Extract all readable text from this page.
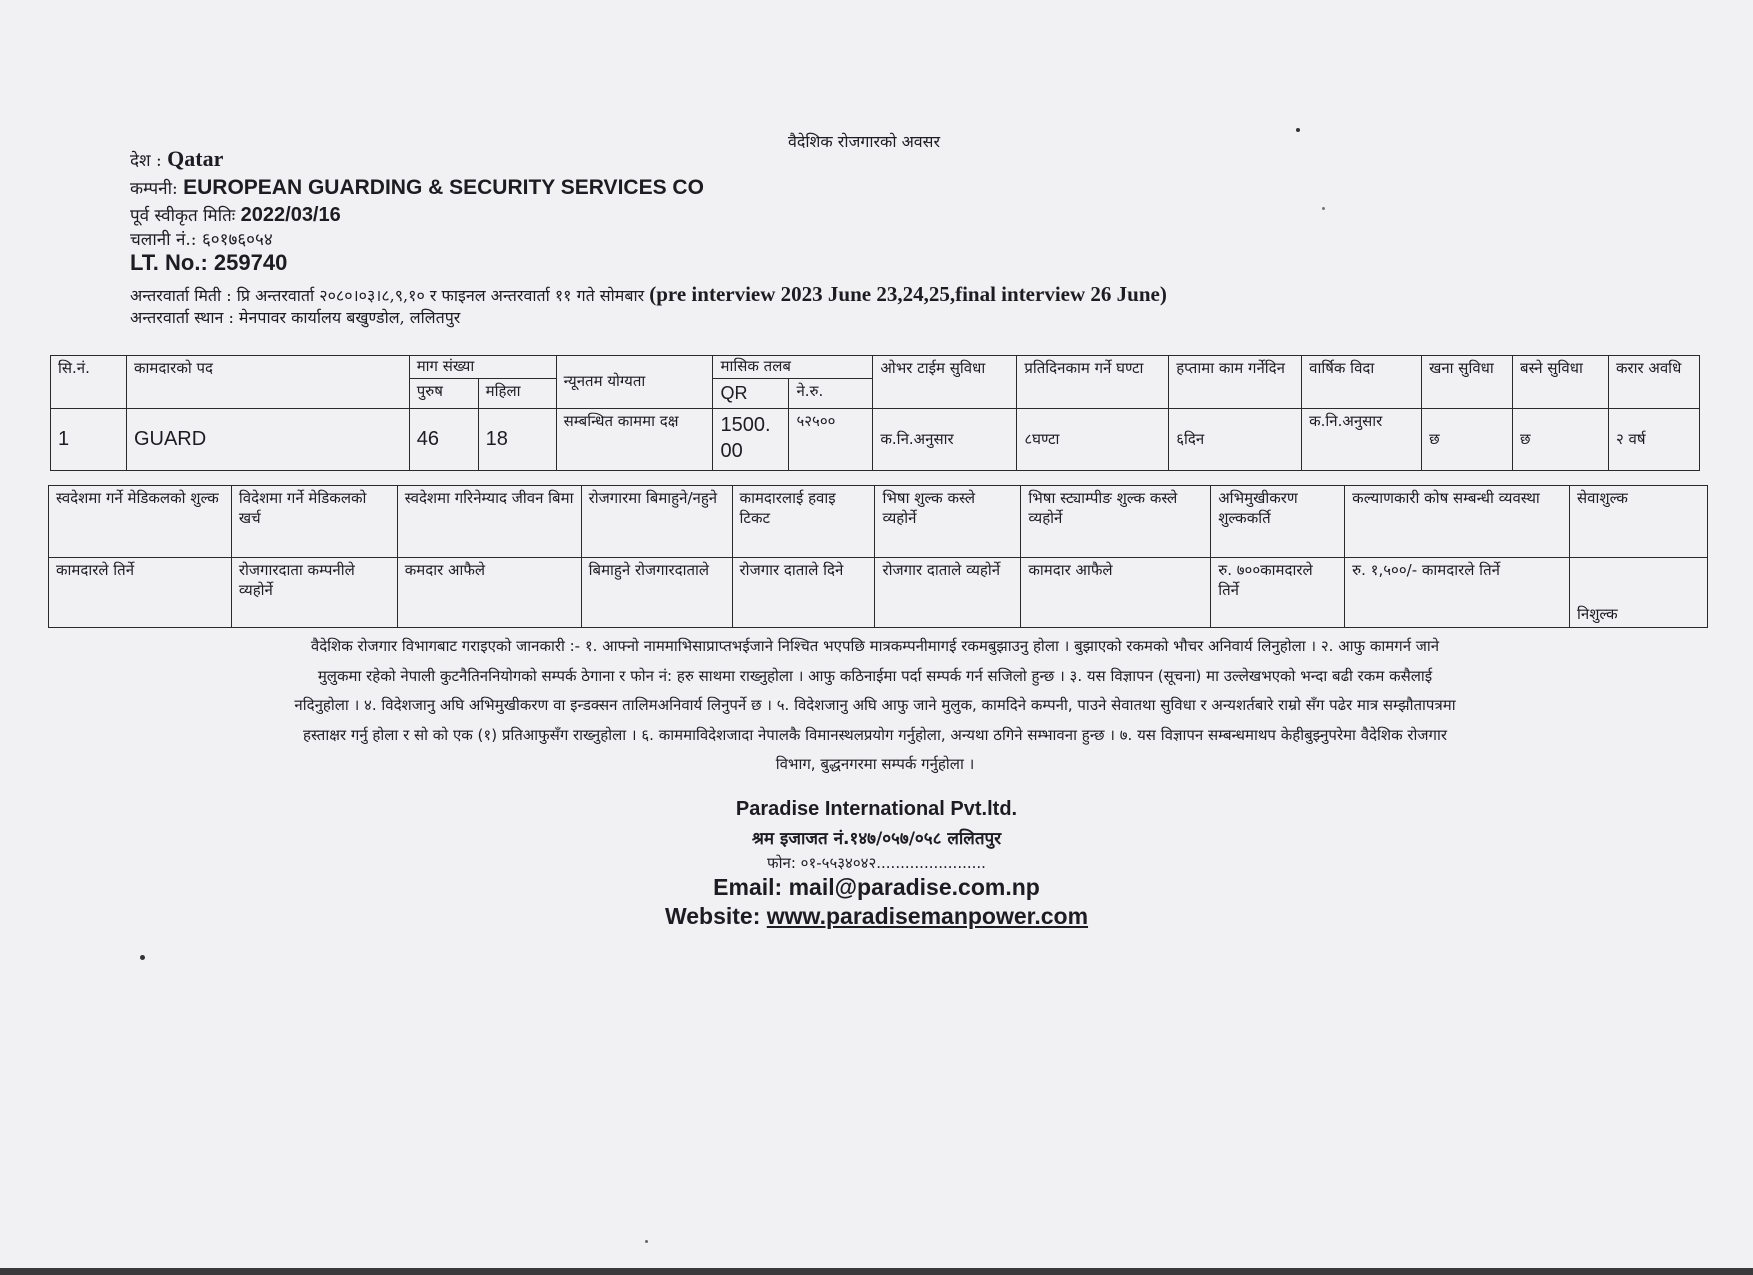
वैदेशिक रोजगारको अवसर
देश : Qatar
कम्पनी: EUROPEAN GUARDING & SECURITY SERVICES CO
पूर्व स्वीकृत मितिः 2022/03/16
चलानी नं.: ६०१७६०५४
LT. No.: 259740
अन्तरवार्ता मिती : प्रि अन्तरवार्ता २०८०।०३।८,९,१० र फाइनल अन्तरवार्ता ११ गते सोमबार (pre interview 2023 June 23,24,25,final interview 26 June)
अन्तरवार्ता स्थान : मेनपावर कार्यालय बखुण्डोल, ललितपुर
सि.नं.	कामदारको पद	माग संख्या		न्यूनतम योग्यता	मासिक तलब		ओभर टाईम सुविधा	प्रतिदिनकाम गर्ने घण्टा	हप्तामा काम गर्नेदिन	वार्षिक विदा	खना सुविधा	बस्ने सुविधा	करार अवधि
		पुरुष	महिला		QR	ने.रु.							
1	GUARD	46	18	सम्बन्धित काममा दक्ष	1500. 00	५२५००	क.नि.अनुसार	८घण्टा	६दिन	क.नि.अनुसार	छ	छ	२ वर्ष
स्वदेशमा गर्ने मेडिकलको शुल्क	विदेशमा गर्ने मेडिकलको खर्च	स्वदेशमा गरिनेम्याद जीवन बिमा	रोजगारमा बिमाहुने/नहुने	कामदारलाई हवाइ टिकट	भिषा शुल्क कस्ले व्यहोर्ने	भिषा स्ट्याम्पीङ शुल्क कस्ले व्यहोर्ने	अभिमुखीकरण शुल्ककर्ति	कल्याणकारी कोष सम्बन्धी व्यवस्था	सेवाशुल्क
कामदारले तिर्ने	रोजगारदाता कम्पनीले व्यहोर्ने	कमदार आफैले	बिमाहुने रोजगारदाताले	रोजगार दाताले दिने	रोजगार दाताले व्यहोर्ने	कामदार आफैले	रु. ७००कामदारले तिर्ने	रु. १,५००/- कामदारले तिर्ने	निशुल्क
वैदेशिक रोजगार विभागबाट गराइएको जानकारी :- १. आफ्नो नाममाभिसाप्राप्तभईजाने निश्चित भएपछि मात्रकम्पनीमागई रकमबुझाउनु होला । बुझाएको रकमको भौचर अनिवार्य लिनुहोला । २. आफु कामगर्न जाने
मुलुकमा रहेको नेपाली कुटनैतिननियोगको सम्पर्क ठेगाना र फोन नं: हरु साथमा राख्नुहोला । आफु कठिनाईमा पर्दा सम्पर्क गर्न सजिलो हुन्छ । ३. यस विज्ञापन (सूचना) मा उल्लेखभएको भन्दा बढी रकम कसैलाई
नदिनुहोला । ४. विदेशजानु अघि अभिमुखीकरण वा इन्डक्सन तालिमअनिवार्य लिनुपर्ने छ । ५. विदेशजानु अघि आफु जाने मुलुक, कामदिने कम्पनी, पाउने सेवातथा सुविधा र अन्यशर्तबारे राम्रो सँग पढेर मात्र सम्झौतापत्रमा
हस्ताक्षर गर्नु होला र सो को एक (१) प्रतिआफुसँग राख्नुहोला । ६. काममाविदेशजादा नेपालकै विमानस्थलप्रयोग गर्नुहोला, अन्यथा ठगिने सम्भावना हुन्छ । ७. यस विज्ञापन सम्बन्धमाथप केहीबुझ्नुपरेमा वैदेशिक रोजगार
विभाग, बुद्धनगरमा सम्पर्क गर्नुहोला ।
Paradise International Pvt.ltd.
श्रम इजाजत नं.१४७/०५७/०५८ ललितपुर
फोन: ०१-५५३४०४२.......................
Email: mail@paradise.com.np
Website: www.paradisemanpower.com
